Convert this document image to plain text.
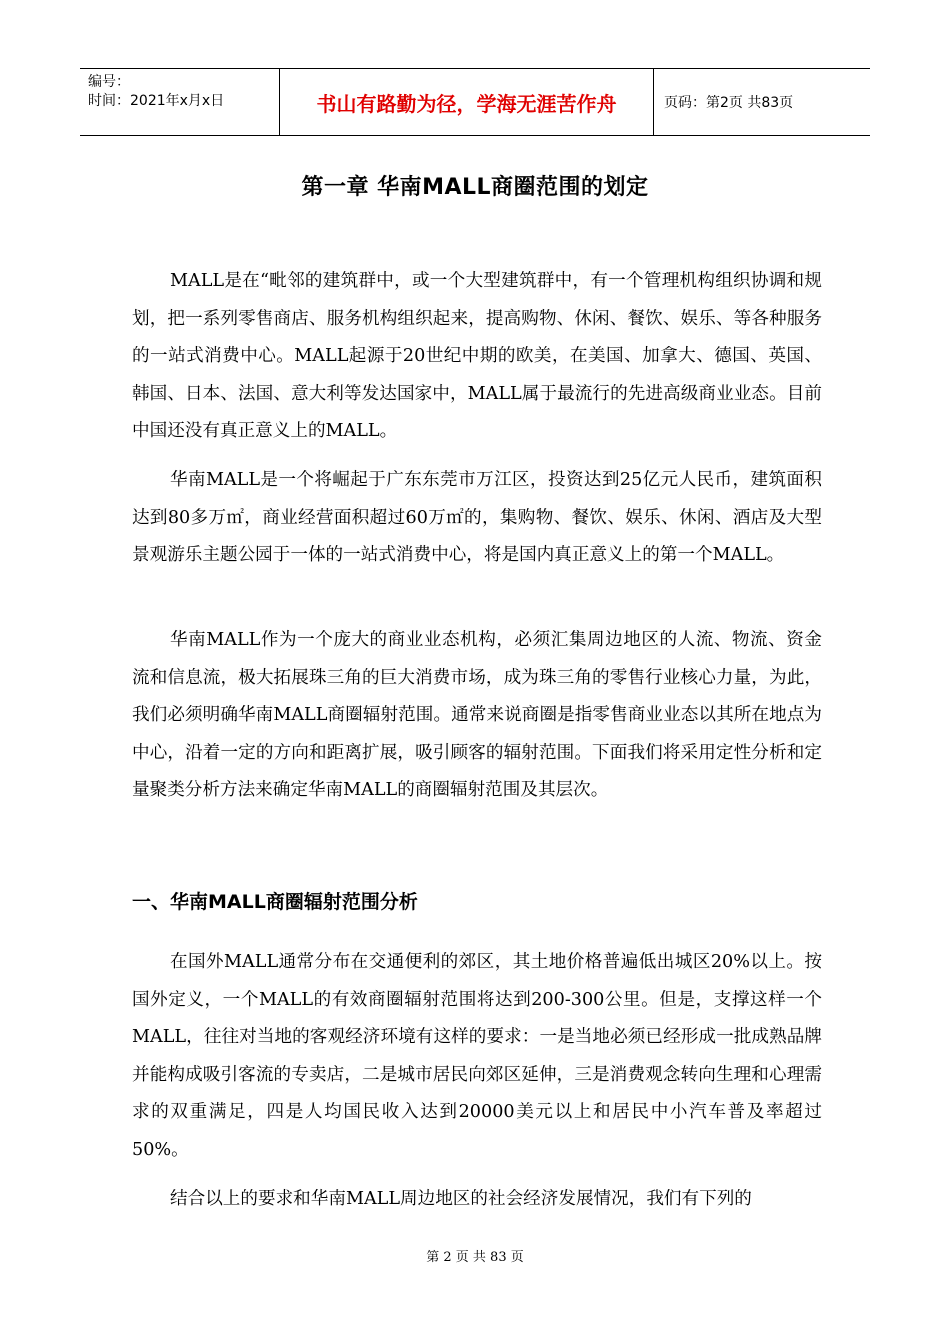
编号：
时间：2021年x月x日	书山有路勤为径，学海无涯苦作舟	页码：第2页 共83页
第一章 华南MALL商圈范围的划定

MALL是在“毗邻的建筑群中，或一个大型建筑群中，有一个管理机构组织协调和规划，把一系列零售商店、服务机构组织起来，提高购物、休闲、餐饮、娱乐、等各种服务的一站式消费中心。MALL起源于20世纪中期的欧美，在美国、加拿大、德国、英国、韩国、日本、法国、意大利等发达国家中，MALL属于最流行的先进高级商业业态。目前中国还没有真正意义上的MALL。

华南MALL是一个将崛起于广东东莞市万江区，投资达到25亿元人民币，建筑面积达到80多万㎡，商业经营面积超过60万㎡的，集购物、餐饮、娱乐、休闲、酒店及大型景观游乐主题公园于一体的一站式消费中心，将是国内真正意义上的第一个MALL。

华南MALL作为一个庞大的商业业态机构，必须汇集周边地区的人流、物流、资金流和信息流，极大拓展珠三角的巨大消费市场，成为珠三角的零售行业核心力量，为此，我们必须明确华南MALL商圈辐射范围。通常来说商圈是指零售商业业态以其所在地点为中心，沿着一定的方向和距离扩展，吸引顾客的辐射范围。下面我们将采用定性分析和定量聚类分析方法来确定华南MALL的商圈辐射范围及其层次。

一、华南MALL商圈辐射范围分析

在国外MALL通常分布在交通便利的郊区，其土地价格普遍低出城区20%以上。按国外定义，一个MALL的有效商圈辐射范围将达到200-300公里。但是，支撑这样一个MALL，往往对当地的客观经济环境有这样的要求：一是当地必须已经形成一批成熟品牌并能构成吸引客流的专卖店，二是城市居民向郊区延伸，三是消费观念转向生理和心理需求的双重满足，四是人均国民收入达到20000美元以上和居民中小汽车普及率超过50%。

结合以上的要求和华南MALL周边地区的社会经济发展情况，我们有下列的

第 2 页 共 83 页
